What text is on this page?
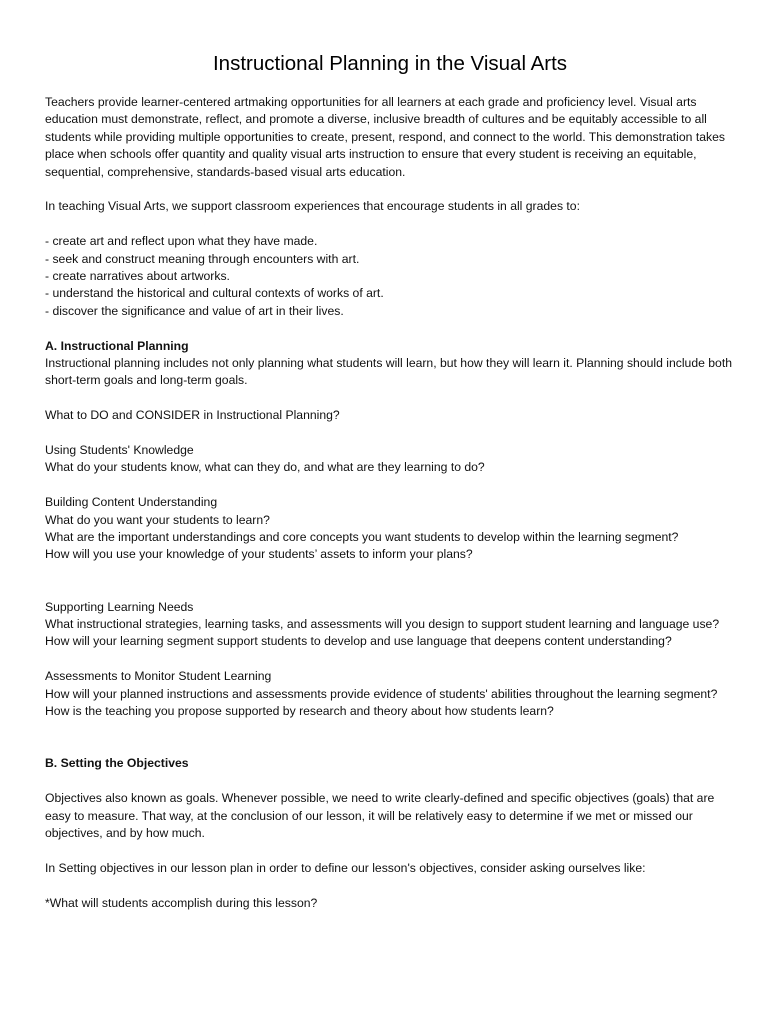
Instructional Planning in the Visual Arts

Teachers provide learner-centered artmaking opportunities for all learners at each grade and proficiency level. Visual arts education must demonstrate, reflect, and promote a diverse, inclusive breadth of cultures and be equitably accessible to all students while providing multiple opportunities to create, present, respond, and connect to the world. This demonstration takes place when schools offer quantity and quality visual arts instruction to ensure that every student is receiving an equitable, sequential, comprehensive, standards-based visual arts education.

In teaching Visual Arts, we support classroom experiences that encourage students in all grades to:

- create art and reflect upon what they have made.
- seek and construct meaning through encounters with art.
- create narratives about artworks.
- understand the historical and cultural contexts of works of art.
- discover the significance and value of art in their lives.
A. Instructional Planning

Instructional planning includes not only planning what students will learn, but how they will learn it. Planning should include both short-term goals and long-term goals.

What to DO and CONSIDER in Instructional Planning?
Using Students' Knowledge
What do your students know, what can they do, and what are they learning to do?
Building Content Understanding
What do you want your students to learn?
What are the important understandings and core concepts you want students to develop within the learning segment?
How will you use your knowledge of your students’ assets to inform your plans?
Supporting Learning Needs
What instructional strategies, learning tasks, and assessments will you design to support student learning and language use?
How will your learning segment support students to develop and use language that deepens content understanding?
Assessments to Monitor Student Learning
How will your planned instructions and assessments provide evidence of students' abilities throughout the learning segment?
How is the teaching you propose supported by research and theory about how students learn?
B. Setting the Objectives

Objectives also known as goals. Whenever possible, we need to write clearly-defined and specific objectives (goals) that are easy to measure. That way, at the conclusion of our lesson, it will be relatively easy to determine if we met or missed our objectives, and by how much.

In Setting objectives in our lesson plan in order to define our lesson's objectives, consider asking ourselves like:

*What will students accomplish during this lesson?
